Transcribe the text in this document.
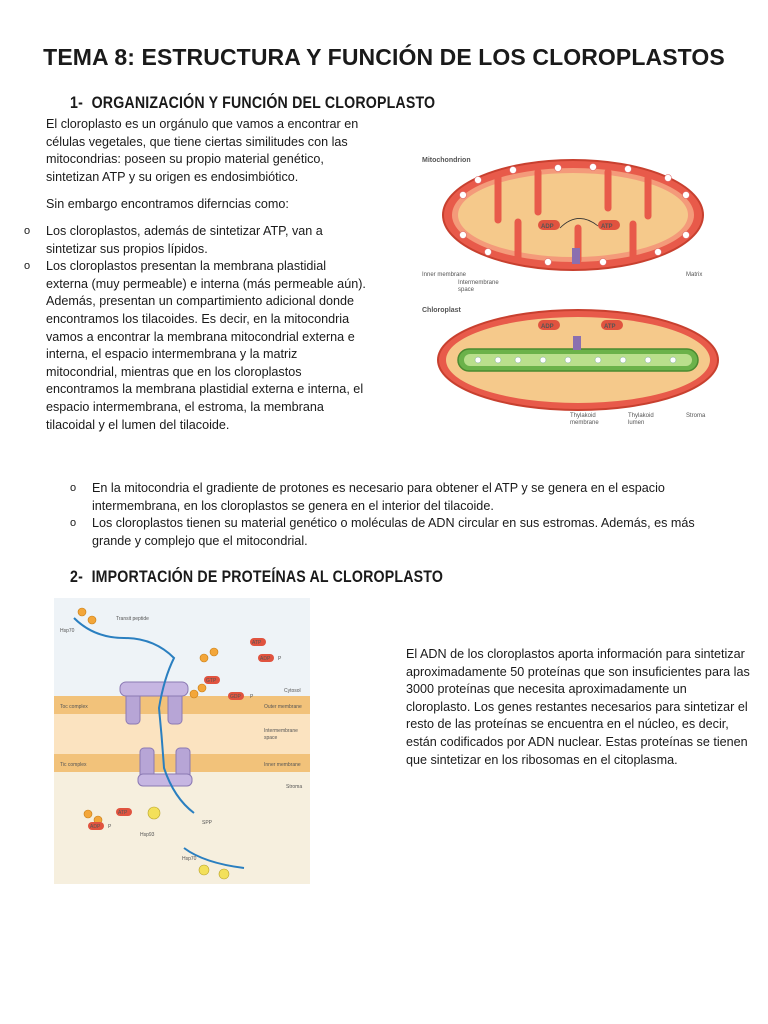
TEMA 8: ESTRUCTURA Y FUNCIÓN DE LOS CLOROPLASTOS
1- ORGANIZACIÓN Y FUNCIÓN DEL CLOROPLASTO

El cloroplasto es un orgánulo que vamos a encontrar en células vegetales, que tiene ciertas similitudes con las mitocondrias: poseen su propio material genético, sintetizan ATP y su origen es endosimbiótico.

Sin embargo encontramos diferncias como:

o Los cloroplastos, además de sintetizar ATP, van a sintetizar sus propios lípidos.
o Los cloroplastos presentan la membrana plastidial externa (muy permeable) e interna (más permeable aún). Además, presentan un compartimiento adicional donde encontramos los tilacoides. Es decir, en la mitocondria vamos a encontrar la membrana mitocondrial externa e interna, el espacio intermembrana y la matriz mitocondrial, mientras que en los cloroplastos encontramos la membrana plastidial externa e interna, el espacio intermembrana, el estroma, la membrana tilacoidal y el lumen del tilacoide.
o En la mitocondria el gradiente de protones es necesario para obtener el ATP y se genera en el espacio intermembrana, en los cloroplastos se genera en el interior del tilacoide.
o Los cloroplastos tienen su material genético o moléculas de ADN circular en sus estromas. Además, es más grande y complejo que el mitocondrial.
Mitochondrion
ADP	ATP
Inner membrane
Intermembrane
space
Matrix
Chloroplast
ADP	ATP
Thylakoid
membrane
Thylakoid
lumen
Stroma
2- IMPORTACIÓN DE PROTEÍNAS AL CLOROPLASTO
ATP
ADP P
GTP
GDP P
ATP
ADP P
Hsp70
Transit peptide
Cytosol
Toc complex	Outer membrane
Intermembrane
space
Tic complex	Inner membrane
Stroma
Hsp93
SPP
Hsp70
El ADN de los cloroplastos aporta información para sintetizar aproximadamente 50 proteínas que son insuficientes para las 3000 proteínas que necesita aproximadamente un cloroplasto. Los genes restantes necesarios para sintetizar el resto de las proteínas se encuentra en el núcleo, es decir, están codificados por ADN nuclear. Estas proteínas se tienen que sintetizar en los ribosomas en el citoplasma.
